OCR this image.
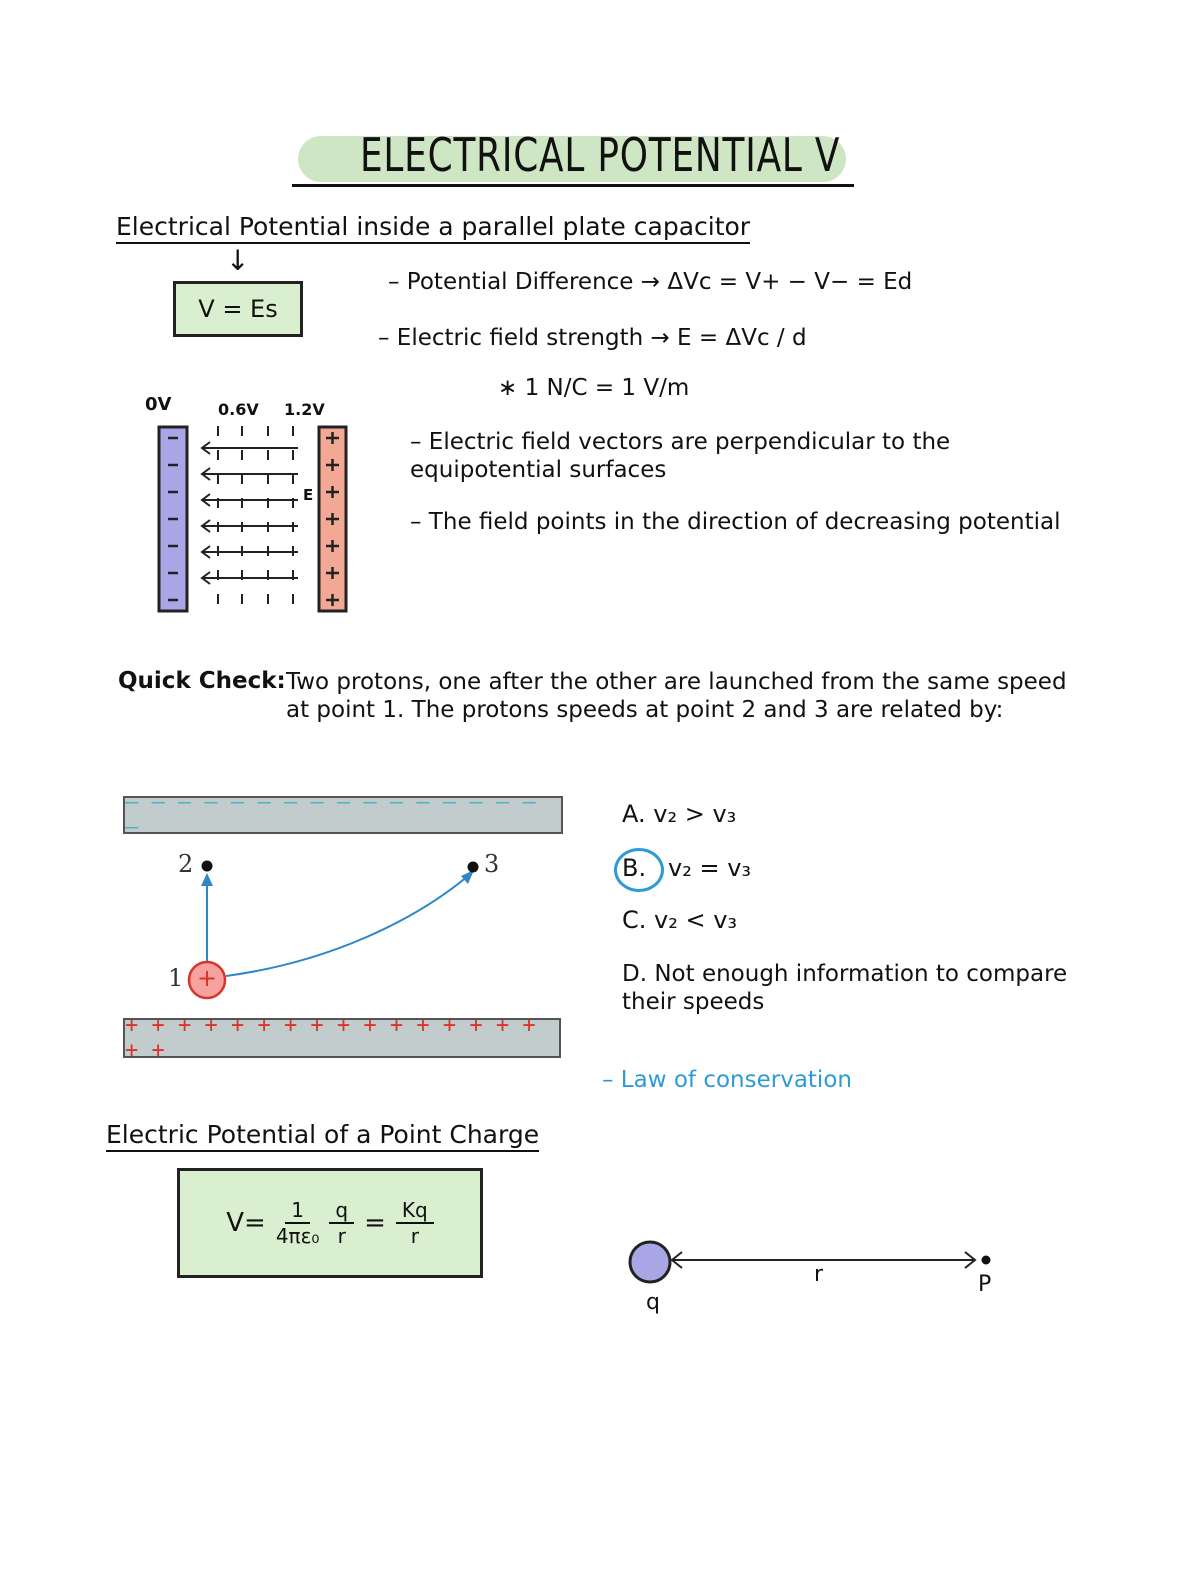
ELECTRICAL POTENTIAL V
Electrical Potential inside a parallel plate capacitor
↓
V = Es
0V	0.6V 1.2V
E
– Potential Difference → ΔVc = V+ − V− = Ed
– Electric field strength → E = ΔVc / d
∗ 1 N/C = 1 V/m
– Electric field vectors are perpendicular to the equipotential surfaces
– The field points in the direction of decreasing potential
Quick Check: Two protons, one after the other are launched from the same speed at point 1. The protons speeds at point 2 and 3 are related by:
– – – – – – – – – – – – – – – – –
+ + + + + + + + + + + + + + + + + +
2	3
1 +
A. v₂ > v₃
B. v₂ = v₃
C. v₂ < v₃
D. Not enough information to compare their speeds
– Law of conservation
Electric Potential of a Point Charge
$V= \frac{1}{\text{4πε₀}} \frac{q}{r} = \frac{Kq}{r}$
q
r	P
